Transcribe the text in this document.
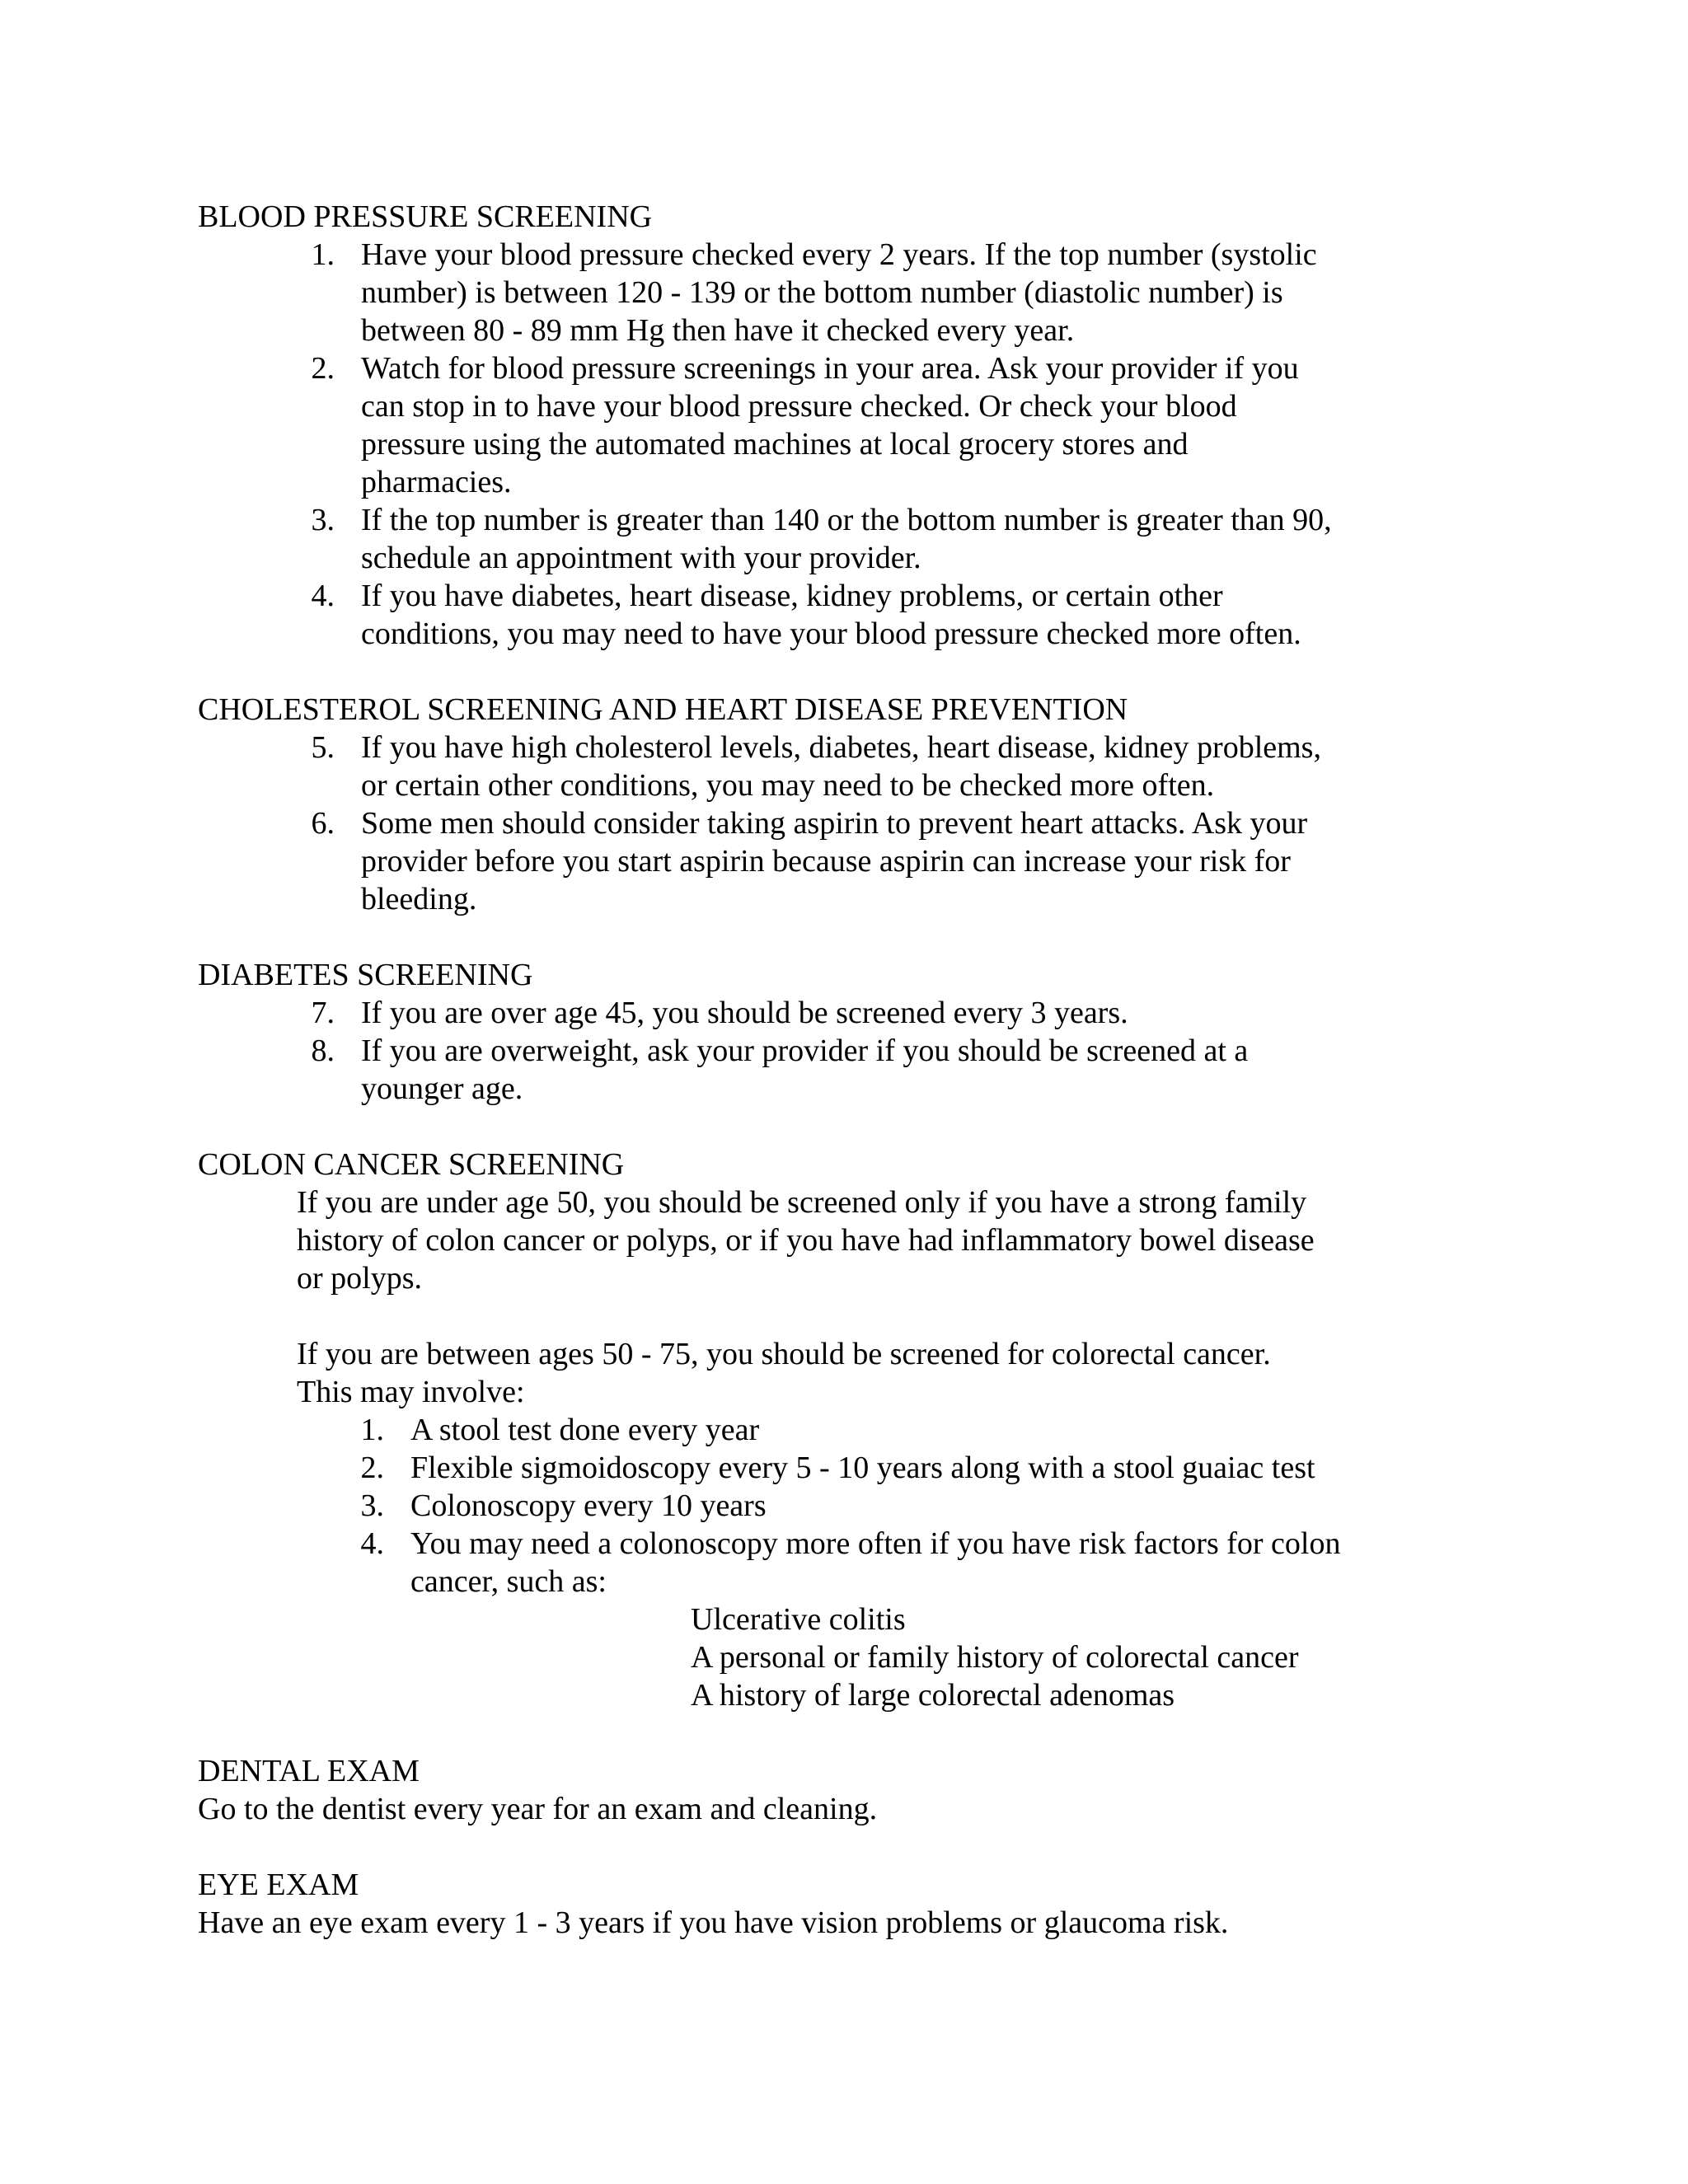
BLOOD PRESSURE SCREENING
1. Have your blood pressure checked every 2 years. If the top number (systolic
number) is between 120 - 139 or the bottom number (diastolic number) is
between 80 - 89 mm Hg then have it checked every year.
2. Watch for blood pressure screenings in your area. Ask your provider if you
can stop in to have your blood pressure checked. Or check your blood
pressure using the automated machines at local grocery stores and
pharmacies.
3. If the top number is greater than 140 or the bottom number is greater than 90,
schedule an appointment with your provider.
4. If you have diabetes, heart disease, kidney problems, or certain other
conditions, you may need to have your blood pressure checked more often.
CHOLESTEROL SCREENING AND HEART DISEASE PREVENTION
5. If you have high cholesterol levels, diabetes, heart disease, kidney problems,
or certain other conditions, you may need to be checked more often.
6. Some men should consider taking aspirin to prevent heart attacks. Ask your
provider before you start aspirin because aspirin can increase your risk for
bleeding.
DIABETES SCREENING
7. If you are over age 45, you should be screened every 3 years.
8. If you are overweight, ask your provider if you should be screened at a
younger age.
COLON CANCER SCREENING
If you are under age 50, you should be screened only if you have a strong family
history of colon cancer or polyps, or if you have had inflammatory bowel disease
or polyps.
If you are between ages 50 - 75, you should be screened for colorectal cancer.
This may involve:
1. A stool test done every year
2. Flexible sigmoidoscopy every 5 - 10 years along with a stool guaiac test
3. Colonoscopy every 10 years
4. You may need a colonoscopy more often if you have risk factors for colon
cancer, such as:
Ulcerative colitis
A personal or family history of colorectal cancer
A history of large colorectal adenomas
DENTAL EXAM
Go to the dentist every year for an exam and cleaning.
EYE EXAM
Have an eye exam every 1 - 3 years if you have vision problems or glaucoma risk.
